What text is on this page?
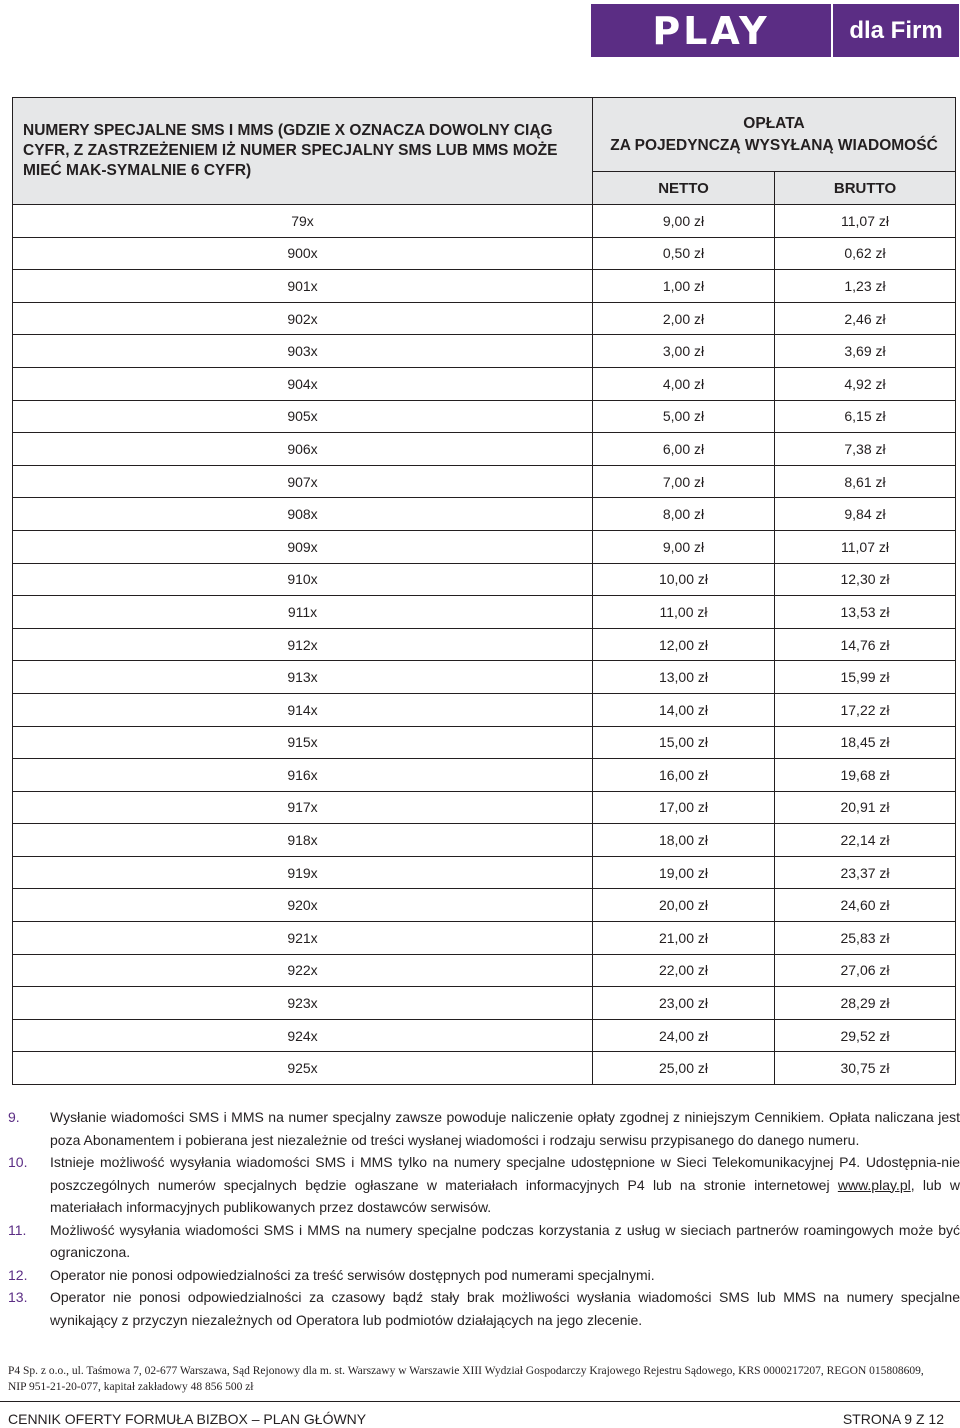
PLAY	dla Firm
NUMERY SPECJALNE SMS I MMS (GDZIE X OZNACZA DOWOLNY CIĄG CYFR, Z ZASTRZEŻENIEM IŻ NUMER SPECJALNY SMS LUB MMS MOŻE MIEĆ MAK-SYMALNIE 6 CYFR)	OPŁATA
ZA POJEDYNCZĄ WYSYŁANĄ WIADOMOŚĆ	

	NETTO	BRUTTO
79x	9,00 zł	11,07 zł
900x	0,50 zł	0,62 zł
901x	1,00 zł	1,23 zł
902x	2,00 zł	2,46 zł
903x	3,00 zł	3,69 zł
904x	4,00 zł	4,92 zł
905x	5,00 zł	6,15 zł
906x	6,00 zł	7,38 zł
907x	7,00 zł	8,61 zł
908x	8,00 zł	9,84 zł
909x	9,00 zł	11,07 zł
910x	10,00 zł	12,30 zł
911x	11,00 zł	13,53 zł
912x	12,00 zł	14,76 zł
913x	13,00 zł	15,99 zł
914x	14,00 zł	17,22 zł
915x	15,00 zł	18,45 zł
916x	16,00 zł	19,68 zł
917x	17,00 zł	20,91 zł
918x	18,00 zł	22,14 zł
919x	19,00 zł	23,37 zł
920x	20,00 zł	24,60 zł
921x	21,00 zł	25,83 zł
922x	22,00 zł	27,06 zł
923x	23,00 zł	28,29 zł
924x	24,00 zł	29,52 zł
925x	25,00 zł	30,75 zł
9.	Wysłanie wiadomości SMS i MMS na numer specjalny zawsze powoduje naliczenie opłaty zgodnej z niniejszym Cennikiem. Opłata naliczana jest poza Abonamentem i pobierana jest niezależnie od treści wysłanej wiadomości i rodzaju serwisu przypisanego do danego numeru.
10.	Istnieje możliwość wysyłania wiadomości SMS i MMS tylko na numery specjalne udostępnione w Sieci Telekomunikacyjnej P4. Udostępnia-nie poszczególnych numerów specjalnych będzie ogłaszane w materiałach informacyjnych P4 lub na stronie internetowej www.play.pl, lub w materiałach informacyjnych publikowanych przez dostawców serwisów.
11.	Możliwość wysyłania wiadomości SMS i MMS na numery specjalne podczas korzystania z usług w sieciach partnerów roamingowych może być ograniczona.
12.	Operator nie ponosi odpowiedzialności za treść serwisów dostępnych pod numerami specjalnymi.
13.	Operator nie ponosi odpowiedzialności za czasowy bądź stały brak możliwości wysłania wiadomości SMS lub MMS na numery specjalne wynikający z przyczyn niezależnych od Operatora lub podmiotów działających na jego zlecenie.
P4 Sp. z o.o., ul. Taśmowa 7, 02-677 Warszawa, Sąd Rejonowy dla m. st. Warszawy w Warszawie XIII Wydział Gospodarczy Krajowego Rejestru Sądowego, KRS 0000217207, REGON 015808609,
NIP 951-21-20-077, kapitał zakładowy 48 856 500 zł
CENNIK OFERTY FORMUŁA BIZBOX – PLAN GŁÓWNY	STRONA 9 Z 12
